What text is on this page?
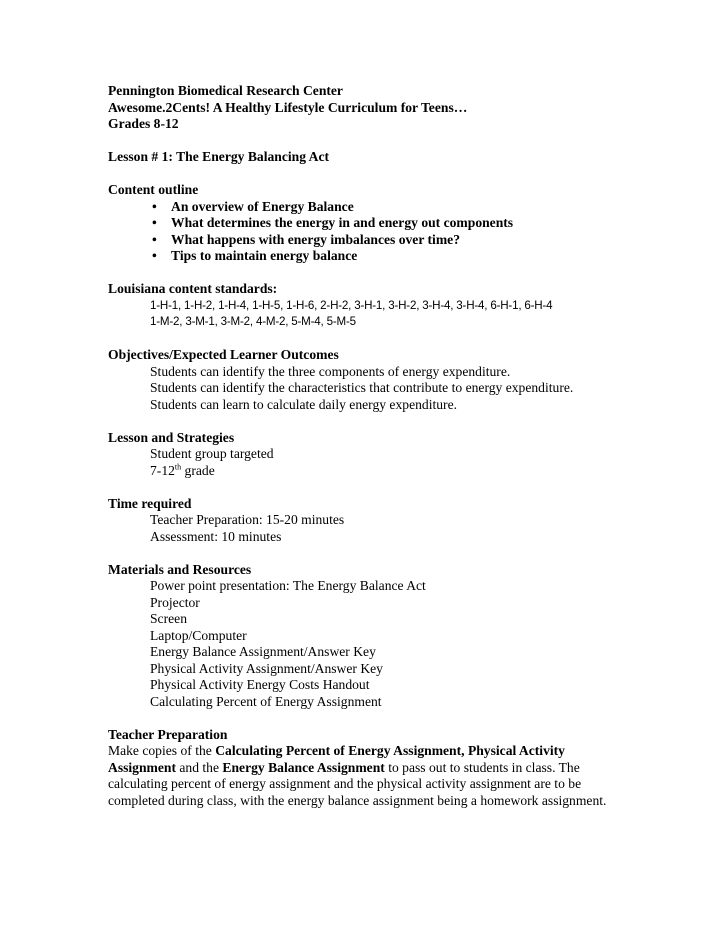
Pennington Biomedical Research Center
Awesome.2Cents! A Healthy Lifestyle Curriculum for Teens…
Grades 8-12
Lesson # 1: The Energy Balancing Act
Content outline
• An overview of Energy Balance
• What determines the energy in and energy out components
• What happens with energy imbalances over time?
• Tips to maintain energy balance
Louisiana content standards:
1-H-1, 1-H-2, 1-H-4, 1-H-5, 1-H-6, 2-H-2, 3-H-1, 3-H-2, 3-H-4, 3-H-4, 6-H-1, 6-H-4
1-M-2, 3-M-1, 3-M-2, 4-M-2, 5-M-4, 5-M-5
Objectives/Expected Learner Outcomes
Students can identify the three components of energy expenditure.
Students can identify the characteristics that contribute to energy expenditure.
Students can learn to calculate daily energy expenditure.
Lesson and Strategies
Student group targeted
7-12th grade
Time required
Teacher Preparation: 15-20 minutes
Assessment: 10 minutes
Materials and Resources
Power point presentation: The Energy Balance Act
Projector
Screen
Laptop/Computer
Energy Balance Assignment/Answer Key
Physical Activity Assignment/Answer Key
Physical Activity Energy Costs Handout
Calculating Percent of Energy Assignment
Teacher Preparation
Make copies of the Calculating Percent of Energy Assignment, Physical Activity
Assignment and the Energy Balance Assignment to pass out to students in class. The
calculating percent of energy assignment and the physical activity assignment are to be
completed during class, with the energy balance assignment being a homework assignment.
